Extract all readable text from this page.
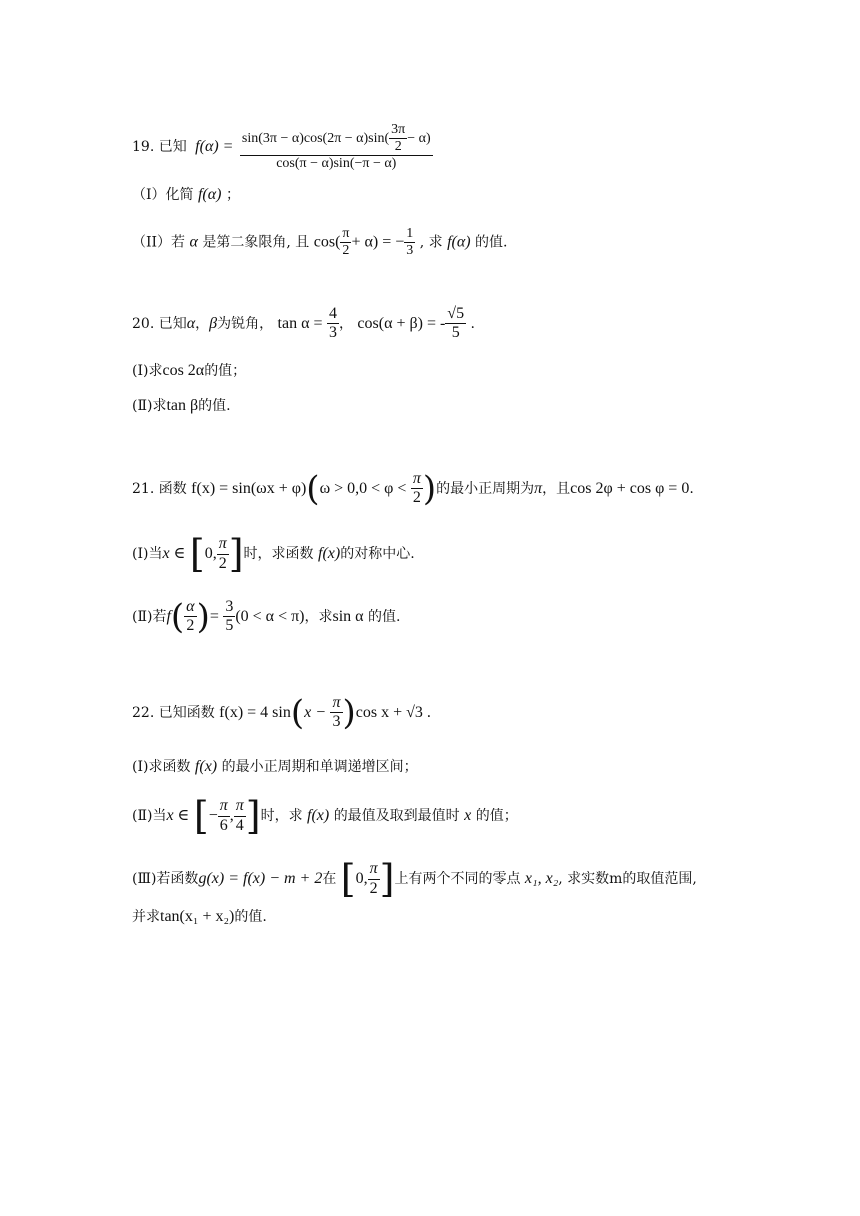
19. 已知 $f(\alpha) = \frac{\sin(3\pi - \alpha)\cos(2\pi - \alpha)\sin( \frac{3\pi}{2} - \alpha)}{\cos(\pi - \alpha)\sin(-\pi - \alpha)}$
（I）化简 f(α) ；
（II）若 α 是第二象限角, 且 $\cos( \frac{\pi}{2} + \alpha)$ = − $\frac{1}{3}$ , 求 f(α) 的值.
20. 已知α，β为锐角， $\tan \alpha = \frac{4}{3}$ ， cos(α + β) = - $\frac{√5}{5}$ .
(Ⅰ)求cos 2α的值；
(Ⅱ)求tan β的值.
21. 函数 $f(x) = \sin(\omega x + \varphi)(\omega > 0,0 < \varphi < \frac{\pi}{2}$ )的最小正周期为π，且cos 2φ + cos φ = 0.
(Ⅰ)当x ∈ [0, $\frac{\pi}{2}$ ]时，求函数 f(x)的对称中心.
(Ⅱ)若$f( \frac{\alpha}{2}$ )= $\frac{3}{5} (0 < \alpha < \pi)$，求sin α 的值.
22. 已知函数 f(x) = 4 $\sin(x - \frac{\pi}{3} )\cos$ x + √3 .
(Ⅰ)求函数 f(x) 的最小正周期和单调递增区间；
(Ⅱ)当x ∈ [− $\frac{\pi}{6}$ , $\frac{\pi}{4}$ ]时，求 f(x) 的最值及取到最值时 x 的值；
(Ⅲ)若函数g(x) = f(x) − m + 2在 [0, $\frac{\pi}{2}$ ]上有两个不同的零点 x₁, x₂, 求实数m的取值范围,
并求tan(x₁ + x₂)的值.
